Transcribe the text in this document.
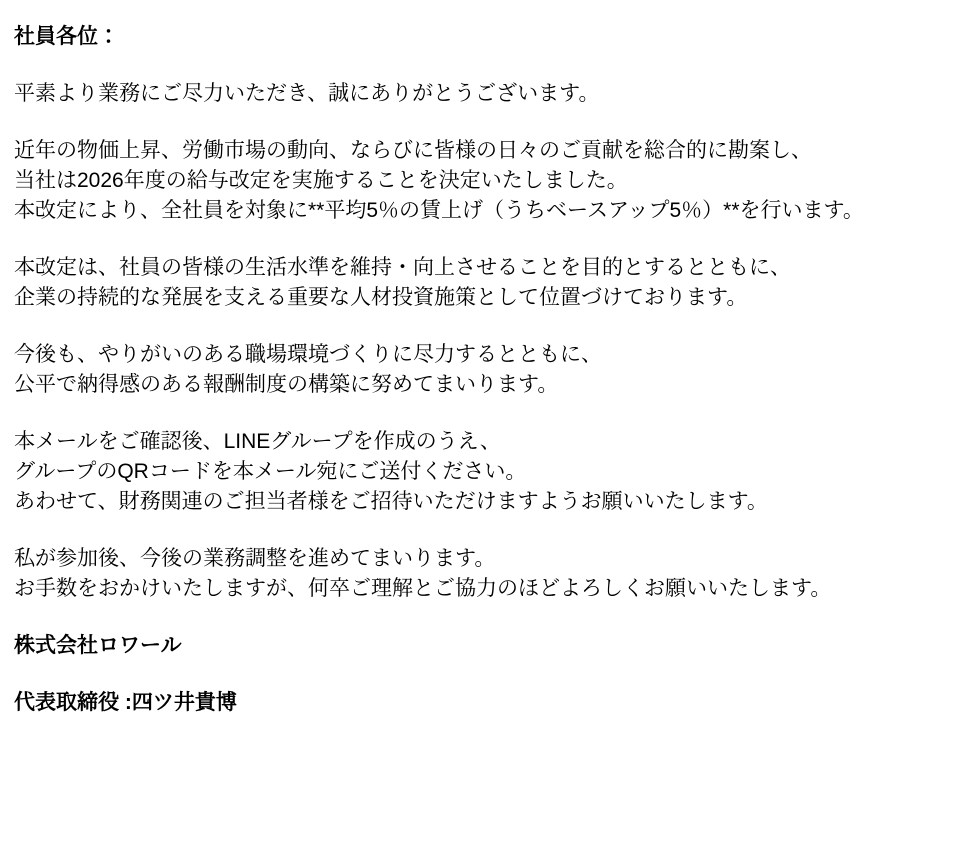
社員各位：

平素より業務にご尽力いただき、誠にありがとうございます。

近年の物価上昇、労働市場の動向、ならびに皆様の日々のご貢献を総合的に勘案し、
当社は2026年度の給与改定を実施することを決定いたしました。
本改定により、全社員を対象に**平均5％の賃上げ（うちベースアップ5％）**を行います。

本改定は、社員の皆様の生活水準を維持・向上させることを目的とするとともに、
企業の持続的な発展を支える重要な人材投資施策として位置づけております。

今後も、やりがいのある職場環境づくりに尽力するとともに、
公平で納得感のある報酬制度の構築に努めてまいります。

本メールをご確認後、LINEグループを作成のうえ、
グループのQRコードを本メール宛にご送付ください。
あわせて、財務関連のご担当者様をご招待いただけますようお願いいたします。

私が参加後、今後の業務調整を進めてまいります。
お手数をおかけいたしますが、何卒ご理解とご協力のほどよろしくお願いいたします。

株式会社ロワール

代表取締役 :四ツ井貴博
